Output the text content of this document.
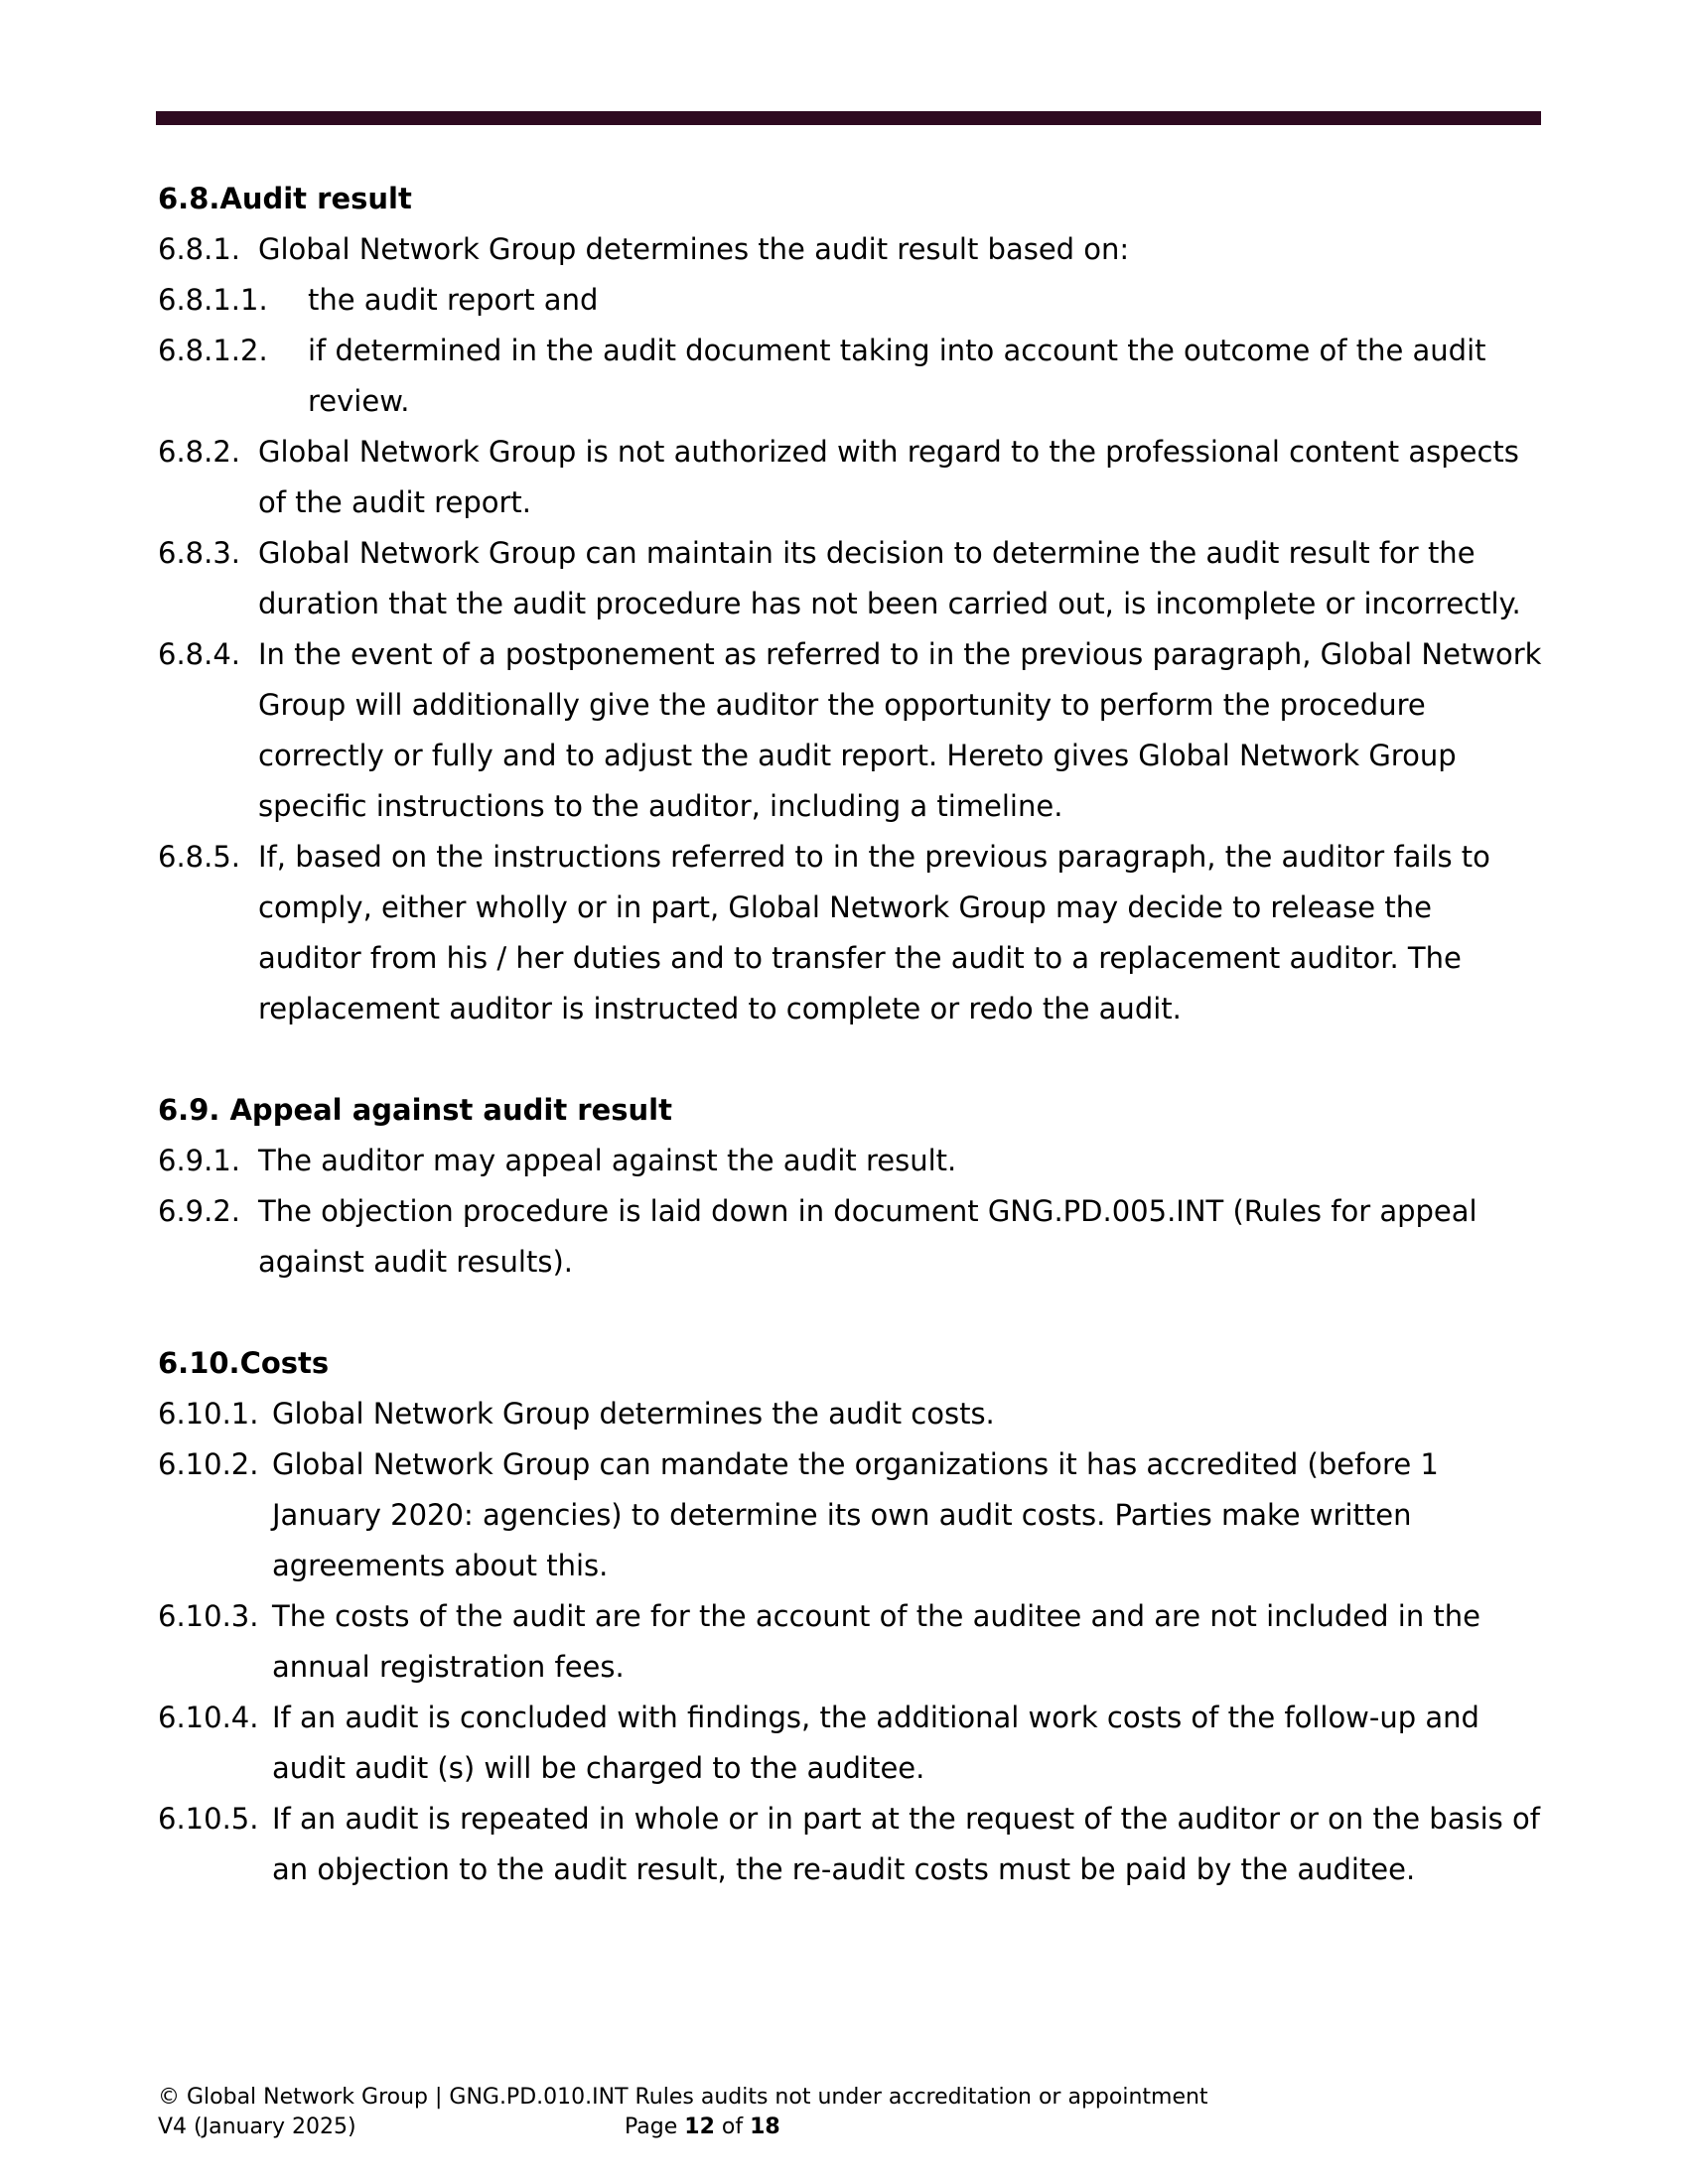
6.8.Audit result
6.8.1. Global Network Group determines the audit result based on:
6.8.1.1.	the audit report and
6.8.1.2.	if determined in the audit document taking into account the outcome of the audit review.
6.8.2. Global Network Group is not authorized with regard to the professional content aspects of the audit report.
6.8.3. Global Network Group can maintain its decision to determine the audit result for the duration that the audit procedure has not been carried out, is incomplete or incorrectly.
6.8.4. In the event of a postponement as referred to in the previous paragraph, Global Network Group will additionally give the auditor the opportunity to perform the procedure correctly or fully and to adjust the audit report. Hereto gives Global Network Group specific instructions to the auditor, including a timeline.
6.8.5. If, based on the instructions referred to in the previous paragraph, the auditor fails to comply, either wholly or in part, Global Network Group may decide to release the auditor from his / her duties and to transfer the audit to a replacement auditor. The replacement auditor is instructed to complete or redo the audit.
6.9. Appeal against audit result
6.9.1. The auditor may appeal against the audit result.
6.9.2. The objection procedure is laid down in document GNG.PD.005.INT (Rules for appeal against audit results).
6.10.Costs
6.10.1. Global Network Group determines the audit costs.
6.10.2. Global Network Group can mandate the organizations it has accredited (before 1 January 2020: agencies) to determine its own audit costs. Parties make written agreements about this.
6.10.3. The costs of the audit are for the account of the auditee and are not included in the annual registration fees.
6.10.4. If an audit is concluded with findings, the additional work costs of the follow-up and audit audit (s) will be charged to the auditee.
6.10.5. If an audit is repeated in whole or in part at the request of the auditor or on the basis of an objection to the audit result, the re-audit costs must be paid by the auditee.
© Global Network Group | GNG.PD.010.INT Rules audits not under accreditation or appointment
V4 (January 2025)	Page 12 of 18
